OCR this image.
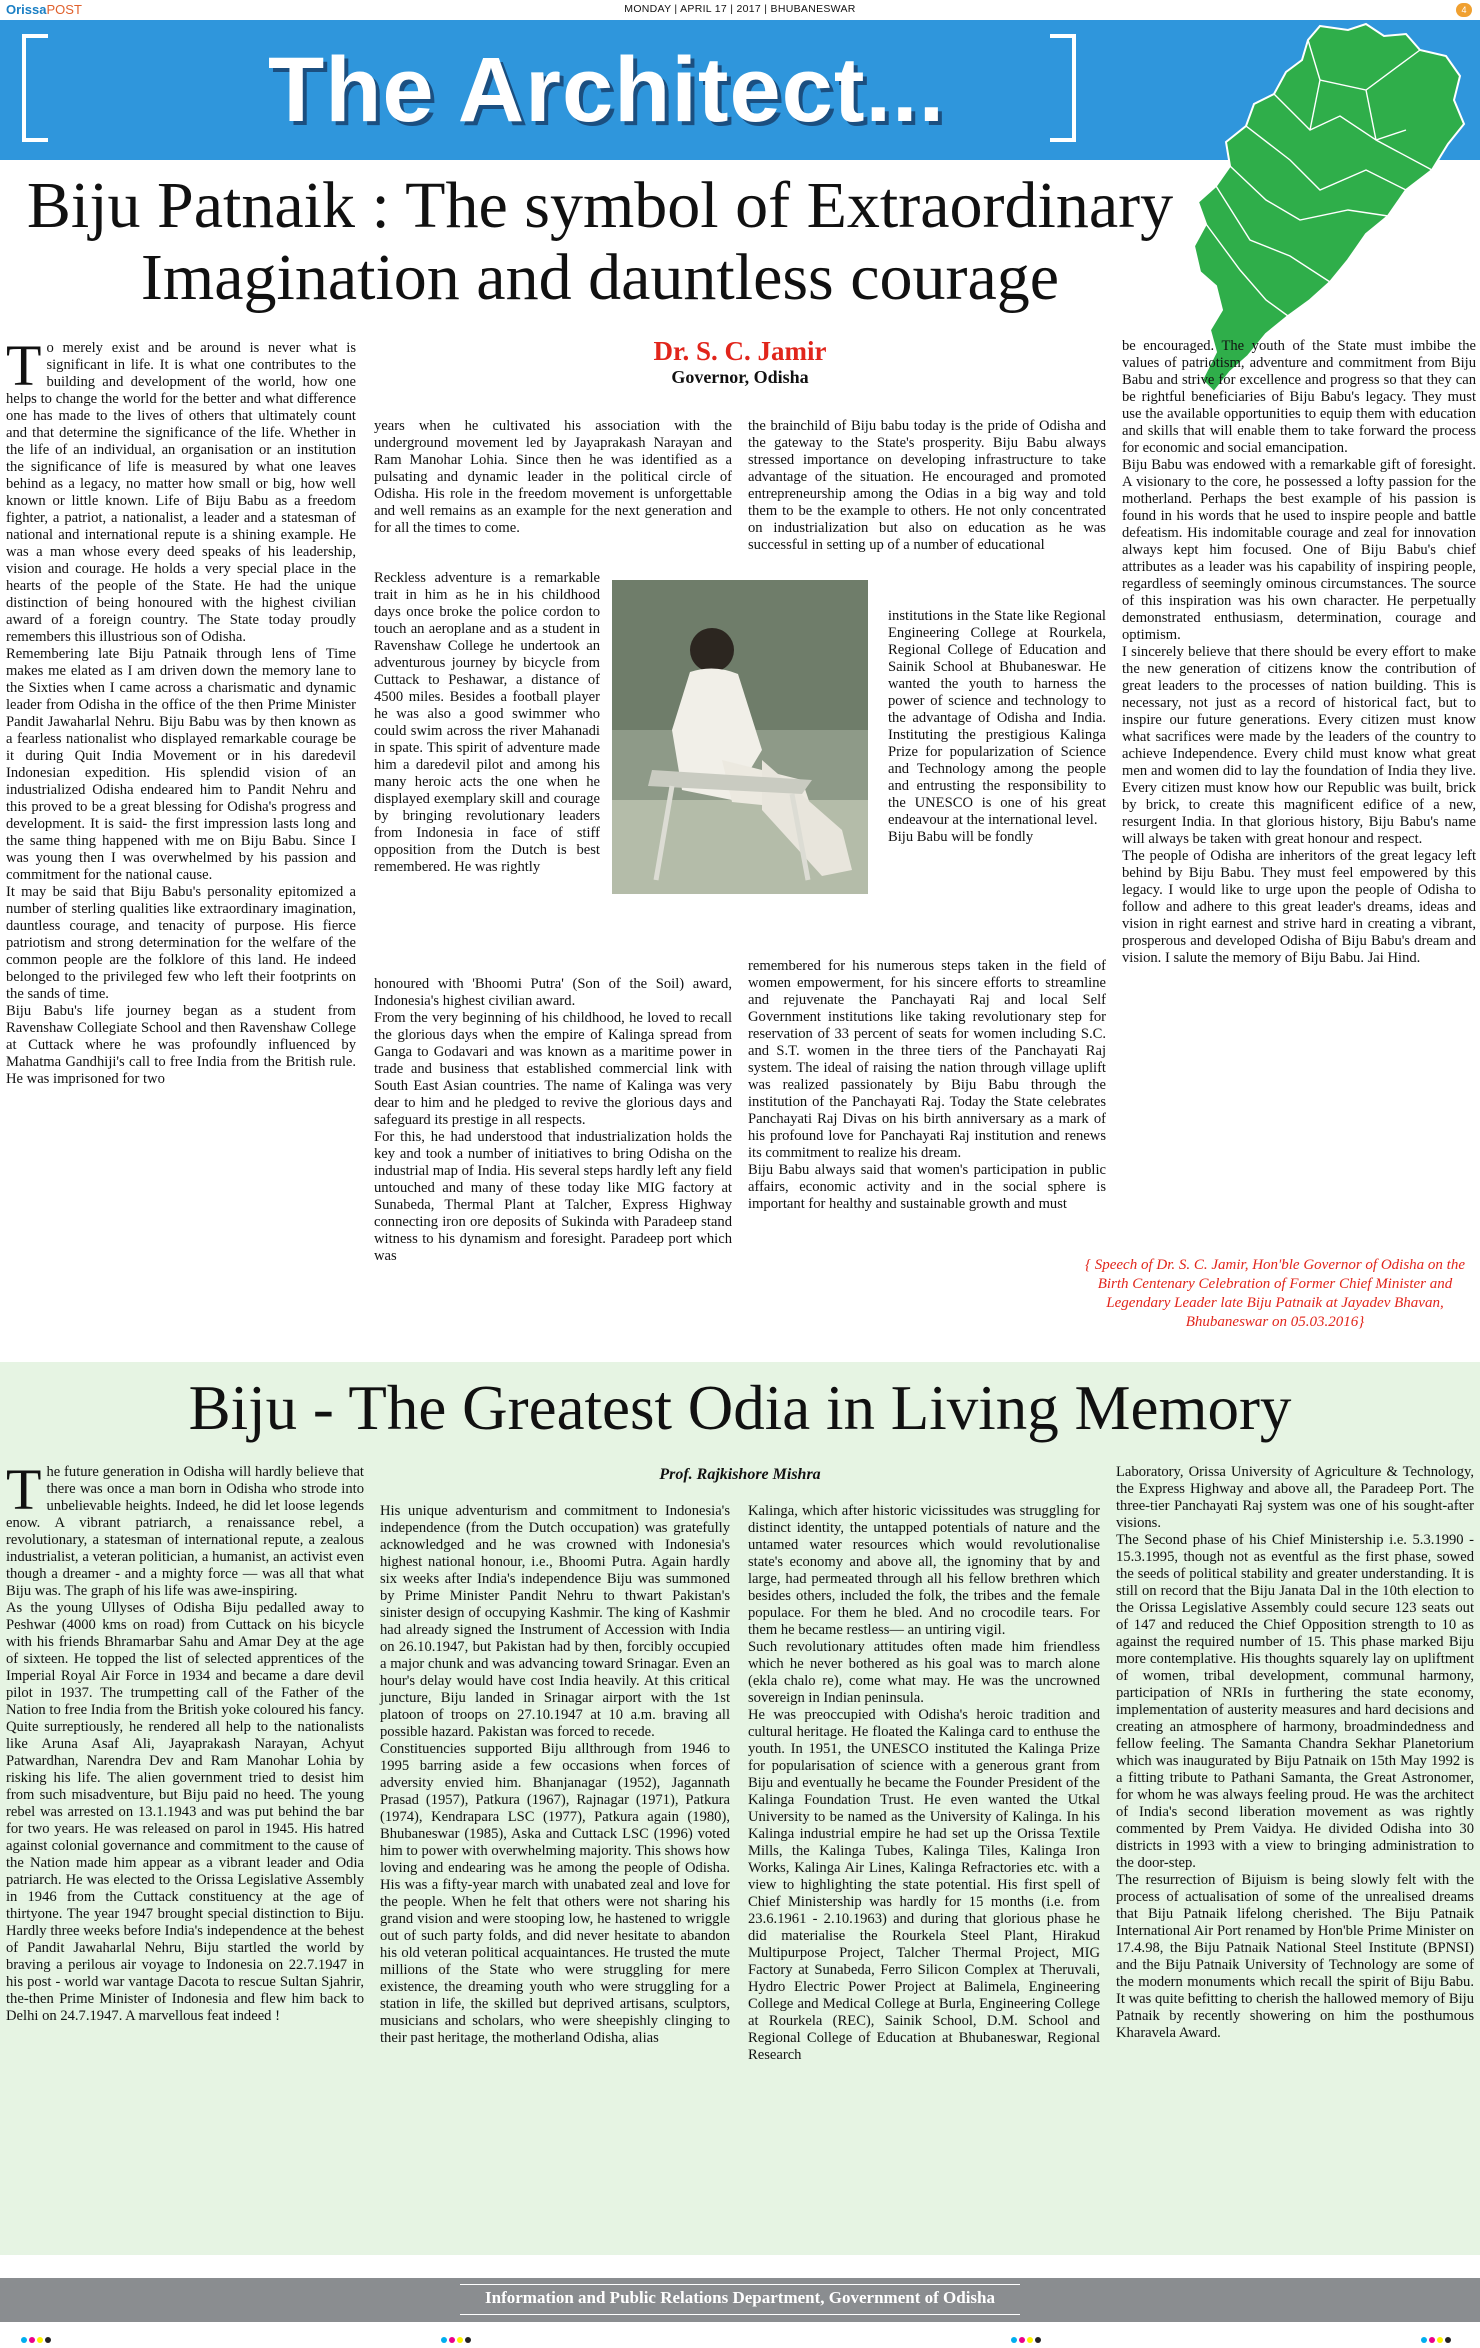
OrissaPOST	MONDAY | APRIL 17 | 2017 | BHUBANESWAR	4
The Architect...
Biju Patnaik : The symbol of Extraordinary
Imagination and dauntless courage
Dr. S. C. Jamir
Governor, Odisha

To merely exist and be around is never what is significant in life. It is what one contributes to the building and development of the world, how one helps to change the world for the better and what difference one has made to the lives of others that ultimately count and that determine the significance of the life. Whether in the life of an individual, an organisation or an institution the significance of life is measured by what one leaves behind as a legacy, no matter how small or big, how well known or little known. Life of Biju Babu as a freedom fighter, a patriot, a nationalist, a leader and a statesman of national and international repute is a shining example. He was a man whose every deed speaks of his leadership, vision and courage. He holds a very special place in the hearts of the people of the State. He had the unique distinction of being honoured with the highest civilian award of a foreign country. The State today proudly remembers this illustrious son of Odisha.

Remembering late Biju Patnaik through lens of Time makes me elated as I am driven down the memory lane to the Sixties when I came across a charismatic and dynamic leader from Odisha in the office of the then Prime Minister Pandit Jawaharlal Nehru. Biju Babu was by then known as a fearless nationalist who displayed remarkable courage be it during Quit India Movement or in his daredevil Indonesian expedition. His splendid vision of an industrialized Odisha endeared him to Pandit Nehru and this proved to be a great blessing for Odisha's progress and development. It is said- the first impression lasts long and the same thing happened with me on Biju Babu. Since I was young then I was overwhelmed by his passion and commitment for the national cause.

It may be said that Biju Babu's personality epitomized a number of sterling qualities like extraordinary imagination, dauntless courage, and tenacity of purpose. His fierce patriotism and strong determination for the welfare of the common people are the folklore of this land. He indeed belonged to the privileged few who left their footprints on the sands of time.

Biju Babu's life journey began as a student from Ravenshaw Collegiate School and then Ravenshaw College at Cuttack where he was profoundly influenced by Mahatma Gandhiji's call to free India from the British rule. He was imprisoned for two

years when he cultivated his association with the underground movement led by Jayaprakash Narayan and Ram Manohar Lohia. Since then he was identified as a pulsating and dynamic leader in the political circle of Odisha. His role in the freedom movement is unforgettable and well remains as an example for the next generation and for all the times to come.

Reckless adventure is a remarkable trait in him as he in his childhood days once broke the police cordon to touch an aeroplane and as a student in Ravenshaw College he undertook an adventurous journey by bicycle from Cuttack to Peshawar, a distance of 4500 miles. Besides a football player he was also a good swimmer who could swim across the river Mahanadi in spate. This spirit of adventure made him a daredevil pilot and among his many heroic acts the one when he displayed exemplary skill and courage by bringing revolutionary leaders from Indonesia in face of stiff opposition from the Dutch is best remembered. He was rightly

honoured with 'Bhoomi Putra' (Son of the Soil) award, Indonesia's highest civilian award.

From the very beginning of his childhood, he loved to recall the glorious days when the empire of Kalinga spread from Ganga to Godavari and was known as a maritime power in trade and business that established commercial link with South East Asian countries. The name of Kalinga was very dear to him and he pledged to revive the glorious days and safeguard its prestige in all respects.

For this, he had understood that industrialization holds the key and took a number of initiatives to bring Odisha on the industrial map of India. His several steps hardly left any field untouched and many of these today like MIG factory at Sunabeda, Thermal Plant at Talcher, Express Highway connecting iron ore deposits of Sukinda with Paradeep stand witness to his dynamism and foresight. Paradeep port which was

the brainchild of Biju babu today is the pride of Odisha and the gateway to the State's prosperity. Biju Babu always stressed importance on developing infrastructure to take advantage of the situation. He encouraged and promoted entrepreneurship among the Odias in a big way and told them to be the example to others. He not only concentrated on industrialization but also on education as he was successful in setting up of a number of educational

institutions in the State like Regional Engineering College at Rourkela, Regional College of Education and Sainik School at Bhubaneswar. He wanted the youth to harness the power of science and technology to the advantage of Odisha and India. Instituting the prestigious Kalinga Prize for popularization of Science and Technology among the people and entrusting the responsibility to the UNESCO is one of his great endeavour at the international level.

Biju Babu will be fondly

remembered for his numerous steps taken in the field of women empowerment, for his sincere efforts to streamline and rejuvenate the Panchayati Raj and local Self Government institutions like taking revolutionary step for reservation of 33 percent of seats for women including S.C. and S.T. women in the three tiers of the Panchayati Raj system. The ideal of raising the nation through village uplift was realized passionately by Biju Babu through the institution of the Panchayati Raj. Today the State celebrates Panchayati Raj Divas on his birth anniversary as a mark of his profound love for Panchayati Raj institution and renews its commitment to realize his dream.

Biju Babu always said that women's participation in public affairs, economic activity and in the social sphere is important for healthy and sustainable growth and must

be encouraged. The youth of the State must imbibe the values of patriotism, adventure and commitment from Biju Babu and strive for excellence and progress so that they can be rightful beneficiaries of Biju Babu's legacy. They must use the available opportunities to equip them with education and skills that will enable them to take forward the process for economic and social emancipation.

Biju Babu was endowed with a remarkable gift of foresight. A visionary to the core, he possessed a lofty passion for the motherland. Perhaps the best example of his passion is found in his words that he used to inspire people and battle defeatism. His indomitable courage and zeal for innovation always kept him focused. One of Biju Babu's chief attributes as a leader was his capability of inspiring people, regardless of seemingly ominous circumstances. The source of this inspiration was his own character. He perpetually demonstrated enthusiasm, determination, courage and optimism.

I sincerely believe that there should be every effort to make the new generation of citizens know the contribution of great leaders to the processes of nation building. This is necessary, not just as a record of historical fact, but to inspire our future generations. Every citizen must know what sacrifices were made by the leaders of the country to achieve Independence. Every child must know what great men and women did to lay the foundation of India they live. Every citizen must know how our Republic was built, brick by brick, to create this magnificent edifice of a new, resurgent India. In that glorious history, Biju Babu's name will always be taken with great honour and respect.

The people of Odisha are inheritors of the great legacy left behind by Biju Babu. They must feel empowered by this legacy. I would like to urge upon the people of Odisha to follow and adhere to this great leader's dreams, ideas and vision in right earnest and strive hard in creating a vibrant, prosperous and developed Odisha of Biju Babu's dream and vision. I salute the memory of Biju Babu. Jai Hind.

{ Speech of Dr. S. C. Jamir, Hon'ble Governor of Odisha on the Birth Centenary Celebration of Former Chief Minister and Legendary Leader late Biju Patnaik at Jayadev Bhavan, Bhubaneswar on 05.03.2016}
Biju - The Greatest Odia in Living Memory
Prof. Rajkishore Mishra

The future generation in Odisha will hardly believe that there was once a man born in Odisha who strode into unbelievable heights. Indeed, he did let loose legends enow. A vibrant patriarch, a renaissance rebel, a revolutionary, a statesman of international repute, a zealous industrialist, a veteran politician, a humanist, an activist even though a dreamer - and a mighty force — was all that what Biju was. The graph of his life was awe-inspiring.

As the young Ullyses of Odisha Biju pedalled away to Peshwar (4000 kms on road) from Cuttack on his bicycle with his friends Bhramarbar Sahu and Amar Dey at the age of sixteen. He topped the list of selected apprentices of the Imperial Royal Air Force in 1934 and became a dare devil pilot in 1937. The trumpetting call of the Father of the Nation to free India from the British yoke coloured his fancy. Quite surreptiously, he rendered all help to the nationalists like Aruna Asaf Ali, Jayaprakash Narayan, Achyut Patwardhan, Narendra Dev and Ram Manohar Lohia by risking his life. The alien government tried to desist him from such misadventure, but Biju paid no heed. The young rebel was arrested on 13.1.1943 and was put behind the bar for two years. He was released on parol in 1945. His hatred against colonial governance and commitment to the cause of the Nation made him appear as a vibrant leader and Odia patriarch. He was elected to the Orissa Legislative Assembly in 1946 from the Cuttack constituency at the age of thirtyone. The year 1947 brought special distinction to Biju. Hardly three weeks before India's independence at the behest of Pandit Jawaharlal Nehru, Biju startled the world by braving a perilous air voyage to Indonesia on 22.7.1947 in his post - world war vantage Dacota to rescue Sultan Sjahrir, the-then Prime Minister of Indonesia and flew him back to Delhi on 24.7.1947. A marvellous feat indeed !

His unique adventurism and commitment to Indonesia's independence (from the Dutch occupation) was gratefully acknowledged and he was crowned with Indonesia's highest national honour, i.e., Bhoomi Putra. Again hardly six weeks after India's independence Biju was summoned by Prime Minister Pandit Nehru to thwart Pakistan's sinister design of occupying Kashmir. The king of Kashmir had already signed the Instrument of Accession with India on 26.10.1947, but Pakistan had by then, forcibly occupied a major chunk and was advancing toward Srinagar. Even an hour's delay would have cost India heavily. At this critical juncture, Biju landed in Srinagar airport with the 1st platoon of troops on 27.10.1947 at 10 a.m. braving all possible hazard. Pakistan was forced to recede.

Constituencies supported Biju allthrough from 1946 to 1995 barring aside a few occasions when forces of adversity envied him. Bhanjanagar (1952), Jagannath Prasad (1957), Patkura (1967), Rajnagar (1971), Patkura (1974), Kendrapara LSC (1977), Patkura again (1980), Bhubaneswar (1985), Aska and Cuttack LSC (1996) voted him to power with overwhelming majority. This shows how loving and endearing was he among the people of Odisha. His was a fifty-year march with unabated zeal and love for the people. When he felt that others were not sharing his grand vision and were stooping low, he hastened to wriggle out of such party folds, and did never hesitate to abandon his old veteran political acquaintances. He trusted the mute millions of the State who were struggling for mere existence, the dreaming youth who were struggling for a station in life, the skilled but deprived artisans, sculptors, musicians and scholars, who were sheepishly clinging to their past heritage, the motherland Odisha, alias

Kalinga, which after historic vicissitudes was struggling for distinct identity, the untapped potentials of nature and the untamed water resources which would revolutionalise state's economy and above all, the ignominy that by and large, had permeated through all his fellow brethren which besides others, included the folk, the tribes and the female populace. For them he bled. And no crocodile tears. For them he became restless— an untiring vigil.

Such revolutionary attitudes often made him friendless which he never bothered as his goal was to march alone (ekla chalo re), come what may. He was the uncrowned sovereign in Indian peninsula.

He was preoccupied with Odisha's heroic tradition and cultural heritage. He floated the Kalinga card to enthuse the youth. In 1951, the UNESCO instituted the Kalinga Prize for popularisation of science with a generous grant from Biju and eventually he became the Founder President of the Kalinga Foundation Trust. He even wanted the Utkal University to be named as the University of Kalinga. In his Kalinga industrial empire he had set up the Orissa Textile Mills, the Kalinga Tubes, Kalinga Tiles, Kalinga Iron Works, Kalinga Air Lines, Kalinga Refractories etc. with a view to highlighting the state potential. His first spell of Chief Ministership was hardly for 15 months (i.e. from 23.6.1961 - 2.10.1963) and during that glorious phase he did materialise the Rourkela Steel Plant, Hirakud Multipurpose Project, Talcher Thermal Project, MIG Factory at Sunabeda, Ferro Silicon Complex at Theruvali, Hydro Electric Power Project at Balimela, Engineering College and Medical College at Burla, Engineering College at Rourkela (REC), Sainik School, D.M. School and Regional College of Education at Bhubaneswar, Regional Research

Laboratory, Orissa University of Agriculture & Technology, the Express Highway and above all, the Paradeep Port. The three-tier Panchayati Raj system was one of his sought-after visions.

The Second phase of his Chief Ministership i.e. 5.3.1990 - 15.3.1995, though not as eventful as the first phase, sowed the seeds of political stability and greater understanding. It is still on record that the Biju Janata Dal in the 10th election to the Orissa Legislative Assembly could secure 123 seats out of 147 and reduced the Chief Opposition strength to 10 as against the required number of 15. This phase marked Biju more contemplative. His thoughts squarely lay on upliftment of women, tribal development, communal harmony, participation of NRIs in furthering the state economy, implementation of austerity measures and hard decisions and creating an atmosphere of harmony, broadmindedness and fellow feeling. The Samanta Chandra Sekhar Planetorium which was inaugurated by Biju Patnaik on 15th May 1992 is a fitting tribute to Pathani Samanta, the Great Astronomer, for whom he was always feeling proud. He was the architect of India's second liberation movement as was rightly commented by Prem Vaidya. He divided Odisha into 30 districts in 1993 with a view to bringing administration to the door-step.

The resurrection of Bijuism is being slowly felt with the process of actualisation of some of the unrealised dreams that Biju Patnaik lifelong cherished. The Biju Patnaik International Air Port renamed by Hon'ble Prime Minister on 17.4.98, the Biju Patnaik National Steel Institute (BPNSI) and the Biju Patnaik University of Technology are some of the modern monuments which recall the spirit of Biju Babu. It was quite befitting to cherish the hallowed memory of Biju Patnaik by recently showering on him the posthumous Kharavela Award.

Information and Public Relations Department, Government of Odisha
